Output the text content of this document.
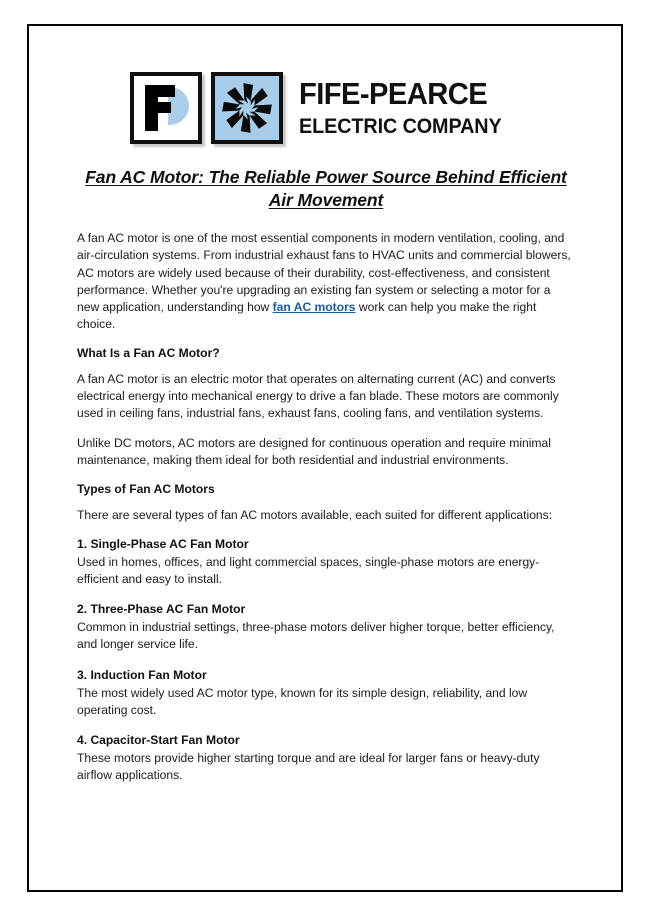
FIFE-PEARCE
ELECTRIC COMPANY
Fan AC Motor: The Reliable Power Source Behind Efficient Air Movement

A fan AC motor is one of the most essential components in modern ventilation, cooling, and air-circulation systems. From industrial exhaust fans to HVAC units and commercial blowers, AC motors are widely used because of their durability, cost-effectiveness, and consistent performance. Whether you're upgrading an existing fan system or selecting a motor for a new application, understanding how fan AC motors work can help you make the right choice.

What Is a Fan AC Motor?

A fan AC motor is an electric motor that operates on alternating current (AC) and converts electrical energy into mechanical energy to drive a fan blade. These motors are commonly used in ceiling fans, industrial fans, exhaust fans, cooling fans, and ventilation systems.

Unlike DC motors, AC motors are designed for continuous operation and require minimal maintenance, making them ideal for both residential and industrial environments.

Types of Fan AC Motors

There are several types of fan AC motors available, each suited for different applications:

1. Single-Phase AC Fan Motor

Used in homes, offices, and light commercial spaces, single-phase motors are energy-efficient and easy to install.

2. Three-Phase AC Fan Motor

Common in industrial settings, three-phase motors deliver higher torque, better efficiency, and longer service life.

3. Induction Fan Motor

The most widely used AC motor type, known for its simple design, reliability, and low operating cost.

4. Capacitor-Start Fan Motor

These motors provide higher starting torque and are ideal for larger fans or heavy-duty airflow applications.
